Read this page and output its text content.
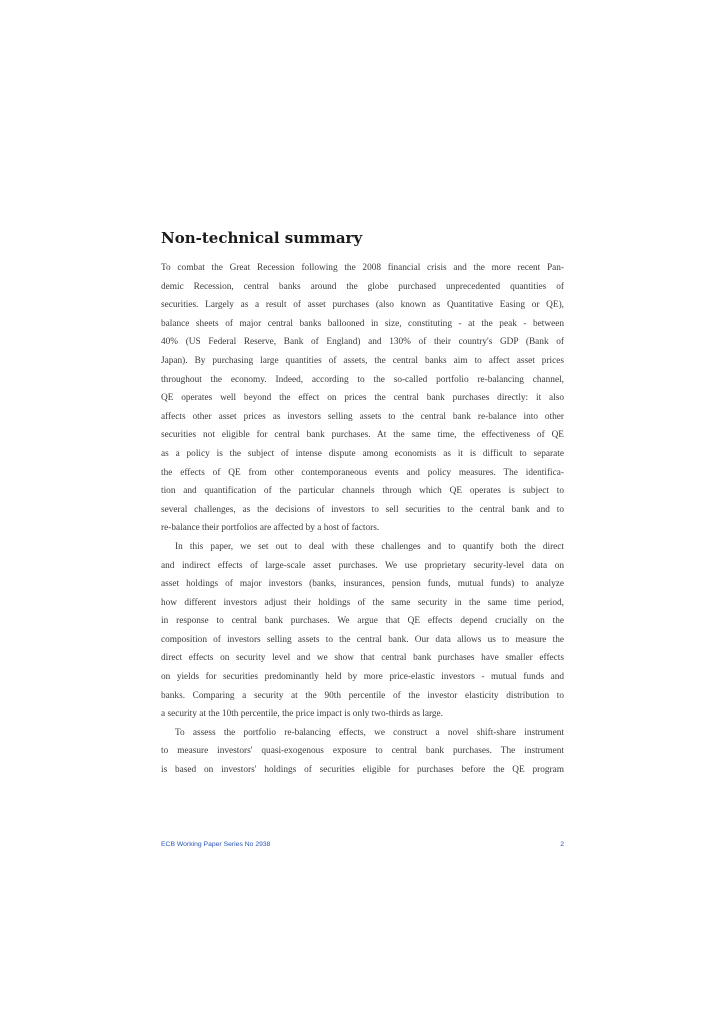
Non-technical summary
To combat the Great Recession following the 2008 financial crisis and the more recent Pan-
demic Recession, central banks around the globe purchased unprecedented quantities of
securities. Largely as a result of asset purchases (also known as Quantitative Easing or QE),
balance sheets of major central banks ballooned in size, constituting - at the peak - between
40% (US Federal Reserve, Bank of England) and 130% of their country's GDP (Bank of
Japan). By purchasing large quantities of assets, the central banks aim to affect asset prices
throughout the economy. Indeed, according to the so-called portfolio re-balancing channel,
QE operates well beyond the effect on prices the central bank purchases directly: it also
affects other asset prices as investors selling assets to the central bank re-balance into other
securities not eligible for central bank purchases. At the same time, the effectiveness of QE
as a policy is the subject of intense dispute among economists as it is difficult to separate
the effects of QE from other contemporaneous events and policy measures. The identifica-
tion and quantification of the particular channels through which QE operates is subject to
several challenges, as the decisions of investors to sell securities to the central bank and to
re-balance their portfolios are affected by a host of factors.
In this paper, we set out to deal with these challenges and to quantify both the direct
and indirect effects of large-scale asset purchases. We use proprietary security-level data on
asset holdings of major investors (banks, insurances, pension funds, mutual funds) to analyze
how different investors adjust their holdings of the same security in the same time period,
in response to central bank purchases. We argue that QE effects depend crucially on the
composition of investors selling assets to the central bank. Our data allows us to measure the
direct effects on security level and we show that central bank purchases have smaller effects
on yields for securities predominantly held by more price-elastic investors - mutual funds and
banks. Comparing a security at the 90th percentile of the investor elasticity distribution to
a security at the 10th percentile, the price impact is only two-thirds as large.
To assess the portfolio re-balancing effects, we construct a novel shift-share instrument
to measure investors' quasi-exogenous exposure to central bank purchases. The instrument
is based on investors' holdings of securities eligible for purchases before the QE program
ECB Working Paper Series No 2938	2
